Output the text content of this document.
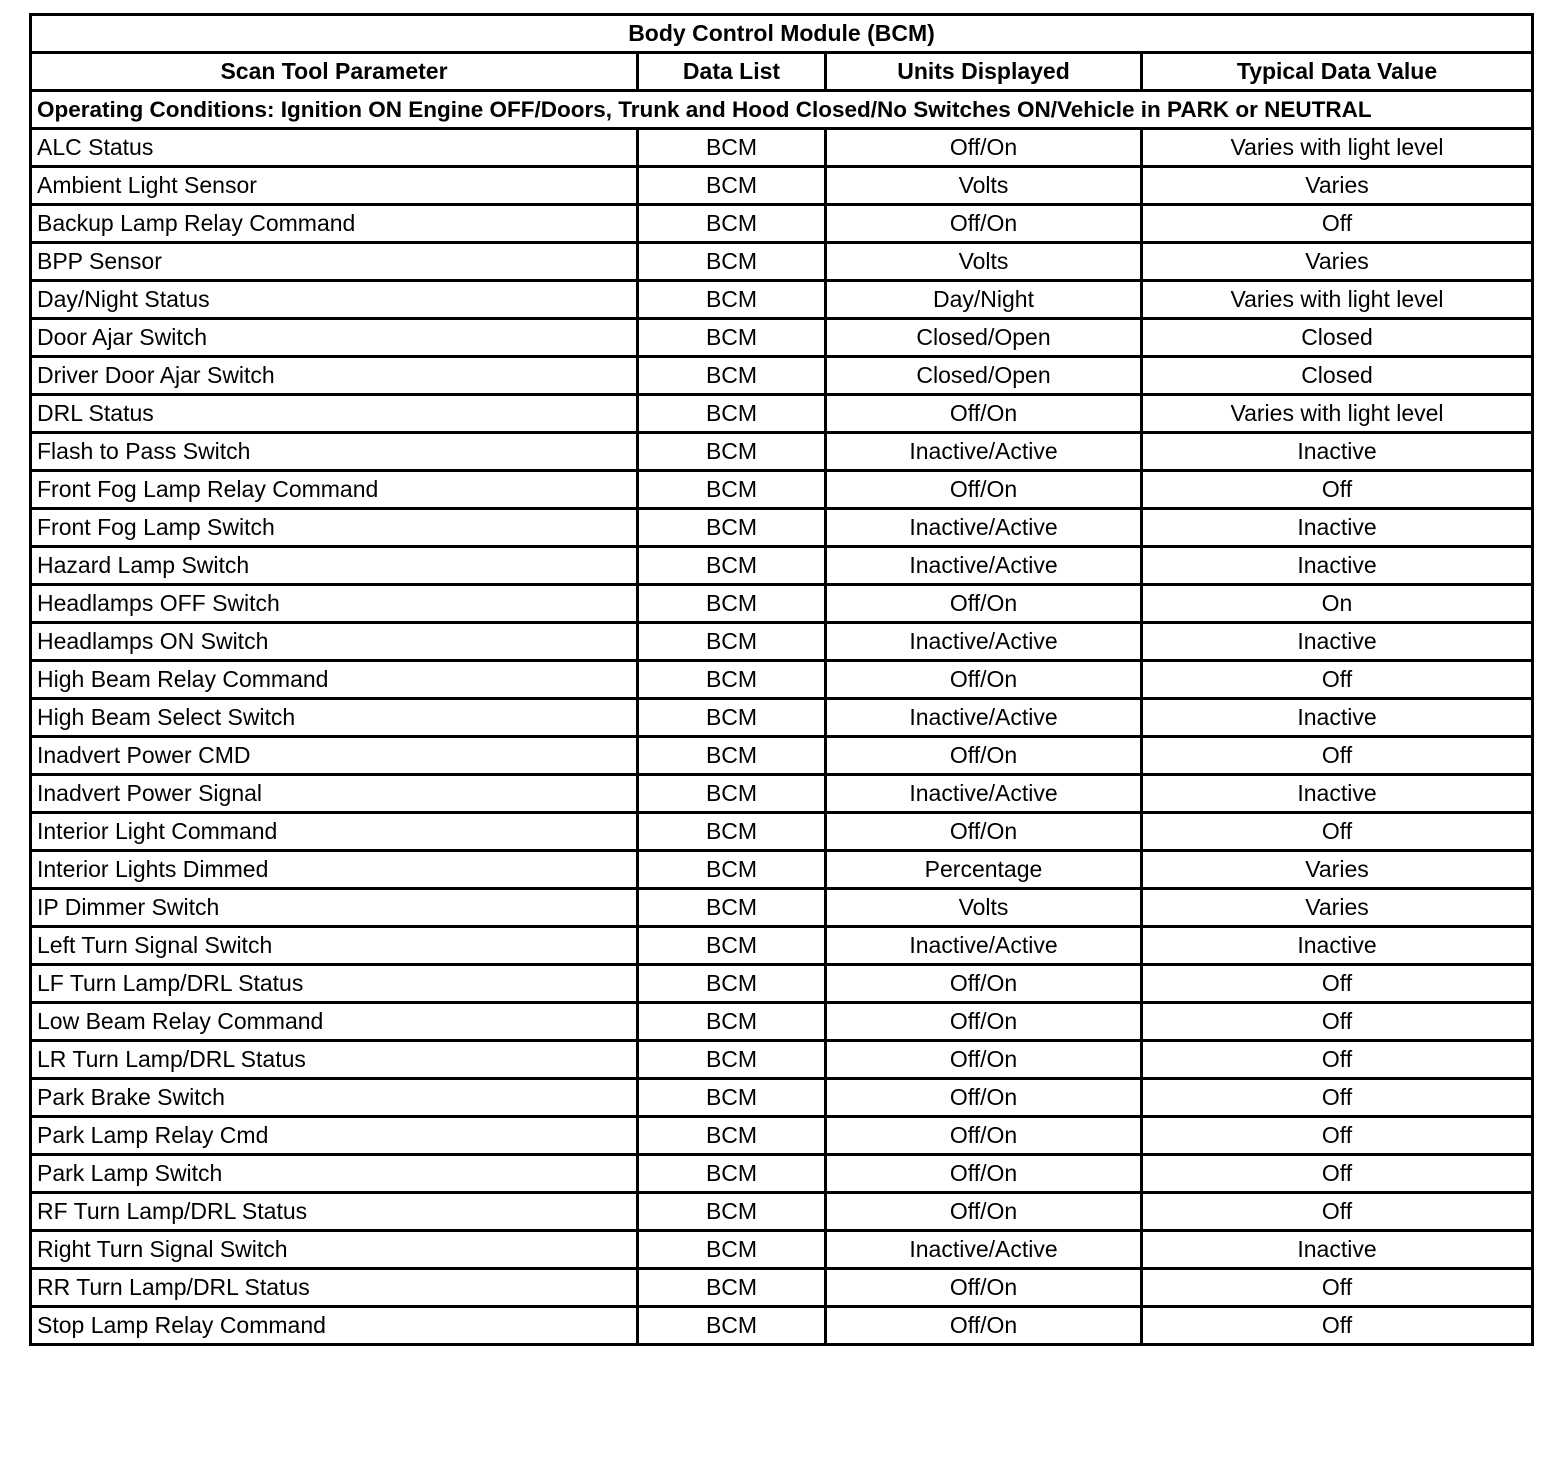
Body Control Module (BCM)			
Scan Tool Parameter	Data List	Units Displayed	Typical Data Value
Operating Conditions: Ignition ON Engine OFF/Doors, Trunk and Hood Closed/No Switches ON/Vehicle in PARK or NEUTRAL			
ALC Status	BCM	Off/On	Varies with light level
Ambient Light Sensor	BCM	Volts	Varies
Backup Lamp Relay Command	BCM	Off/On	Off
BPP Sensor	BCM	Volts	Varies
Day/Night Status	BCM	Day/Night	Varies with light level
Door Ajar Switch	BCM	Closed/Open	Closed
Driver Door Ajar Switch	BCM	Closed/Open	Closed
DRL Status	BCM	Off/On	Varies with light level
Flash to Pass Switch	BCM	Inactive/Active	Inactive
Front Fog Lamp Relay Command	BCM	Off/On	Off
Front Fog Lamp Switch	BCM	Inactive/Active	Inactive
Hazard Lamp Switch	BCM	Inactive/Active	Inactive
Headlamps OFF Switch	BCM	Off/On	On
Headlamps ON Switch	BCM	Inactive/Active	Inactive
High Beam Relay Command	BCM	Off/On	Off
High Beam Select Switch	BCM	Inactive/Active	Inactive
Inadvert Power CMD	BCM	Off/On	Off
Inadvert Power Signal	BCM	Inactive/Active	Inactive
Interior Light Command	BCM	Off/On	Off
Interior Lights Dimmed	BCM	Percentage	Varies
IP Dimmer Switch	BCM	Volts	Varies
Left Turn Signal Switch	BCM	Inactive/Active	Inactive
LF Turn Lamp/DRL Status	BCM	Off/On	Off
Low Beam Relay Command	BCM	Off/On	Off
LR Turn Lamp/DRL Status	BCM	Off/On	Off
Park Brake Switch	BCM	Off/On	Off
Park Lamp Relay Cmd	BCM	Off/On	Off
Park Lamp Switch	BCM	Off/On	Off
RF Turn Lamp/DRL Status	BCM	Off/On	Off
Right Turn Signal Switch	BCM	Inactive/Active	Inactive
RR Turn Lamp/DRL Status	BCM	Off/On	Off
Stop Lamp Relay Command	BCM	Off/On	Off
